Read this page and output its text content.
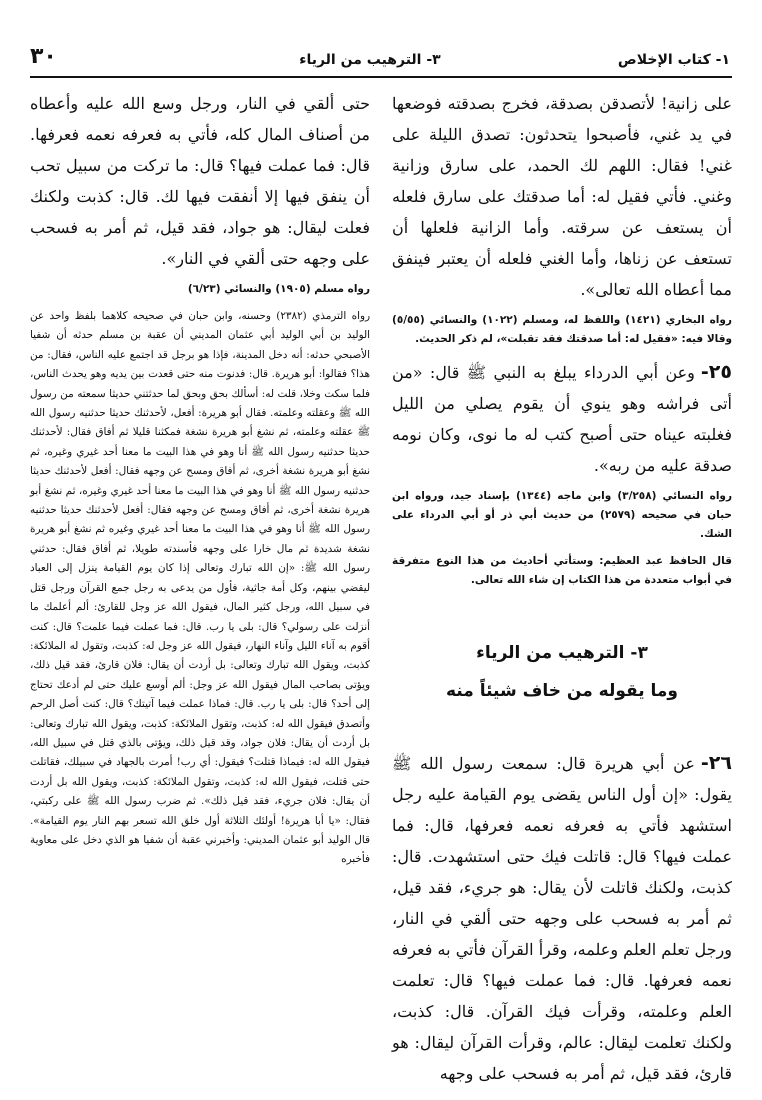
١- كتاب الإخلاص
٣- الترهيب من الرياء
٣٠

على زانية! لأتصدقن بصدقة، فخرج بصدقته فوضعها في يد غني، فأصبحوا يتحدثون: تصدق الليلة على غني! فقال: اللهم لك الحمد، على سارق وزانية وغني. فأتي فقيل له: أما صدقتك على سارق فلعله أن يستعف عن سرقته. وأما الزانية فلعلها أن تستعف عن زناها، وأما الغني فلعله أن يعتبر فينفق مما أعطاه الله تعالى».

رواه البخاري (١٤٢١) واللفظ له، ومسلم (١٠٢٢) والنسائي (٥/٥٥) وقالا فيه: «فقيل له: أما صدقتك فقد تقبلت»، لم ذكر الحديث.

٢٥-وعن أبي الدرداء يبلغ به النبي ﷺ قال: «من أتى فراشه وهو ينوي أن يقوم يصلي من الليل فغلبته عيناه حتى أصبح كتب له ما نوى، وكان نومه صدقة عليه من ربه».

رواه النسائي (٣/٢٥٨) وابن ماجه (١٣٤٤) بإسناد جيد، ورواه ابن حبان في صحيحه (٢٥٧٩) من حديث أبي ذر أو أبي الدرداء على الشك.

قال الحافظ عبد العظيم: وستأتي أحاديث من هذا النوع متفرقة في أبواب متعددة من هذا الكتاب إن شاء الله تعالى.

٣- الترهيب من الرياء
وما يقوله من خاف شيئاً منه

٢٦-عن أبي هريرة قال: سمعت رسول الله ﷺ يقول: «إن أول الناس يقضى يوم القيامة عليه رجل استشهد فأتي به فعرفه نعمه فعرفها، قال: فما عملت فيها؟ قال: قاتلت فيك حتى استشهدت. قال: كذبت، ولكنك قاتلت لأن يقال: هو جريء، فقد قيل، ثم أمر به فسحب على وجهه حتى ألقي في النار، ورجل تعلم العلم وعلمه، وقرأ القرآن فأتي به فعرفه نعمه فعرفها. قال: فما عملت فيها؟ قال: تعلمت العلم وعلمته، وقرأت فيك القرآن. قال: كذبت، ولكنك تعلمت ليقال: عالم، وقرأت القرآن ليقال: هو قارئ، فقد قيل، ثم أمر به فسحب على وجهه

حتى ألقي في النار، ورجل وسع الله عليه وأعطاه من أصناف المال كله، فأتي به فعرفه نعمه فعرفها. قال: فما عملت فيها؟ قال: ما تركت من سبيل تحب أن ينفق فيها إلا أنفقت فيها لك. قال: كذبت ولكنك فعلت ليقال: هو جواد، فقد قيل، ثم أمر به فسحب على وجهه حتى ألقي في النار».

رواه مسلم (١٩٠٥) والنسائي (٦/٢٣)

رواه الترمذي (٢٣٨٢) وحسنه، وابن حبان في صحيحه كلاهما بلفظ واحد عن الوليد بن أبي الوليد أبي عثمان المديني أن عقبة بن مسلم حدثه أن شفيا الأصبحي حدثه: أنه دخل المدينة، فإذا هو برجل قد اجتمع عليه الناس، فقال: من هذا؟ فقالوا: أبو هريرة. قال: فدنوت منه حتى قعدت بين يديه وهو يحدث الناس، فلما سكت وخلا، قلت له: أسألك بحق وبحق لما حدثتني حديثا سمعته من رسول الله ﷺ وعقلته وعلمته. فقال أبو هريرة: أفعل، لأحدثنك حديثا حدثنيه رسول الله ﷺ عقلته وعلمته، ثم نشغ أبو هريرة نشغة فمكثنا قليلا ثم أفاق فقال: لأحدثنك حديثا حدثنيه رسول الله ﷺ أنا وهو في هذا البيت ما معنا أحد غيري وغيره، ثم نشغ أبو هريرة نشغة أخرى، ثم أفاق ومسح عن وجهه فقال: أفعل لأحدثنك حديثا حدثنيه رسول الله ﷺ أنا وهو في هذا البيت ما معنا أحد غيري وغيره، ثم نشغ أبو هريرة نشغة أخرى، ثم أفاق ومسح عن وجهه فقال: أفعل لأحدثنك حديثا حدثنيه رسول الله ﷺ أنا وهو في هذا البيت ما معنا أحد غيري وغيره ثم نشغ أبو هريرة نشغة شديدة ثم مال خارا على وجهه فأسندته طويلا، ثم أفاق فقال: حدثني رسول الله ﷺ: «إن الله تبارك وتعالى إذا كان يوم القيامة ينزل إلى العباد ليقضي بينهم، وكل أمة جاثية، فأول من يدعى به رجل جمع القرآن ورجل قتل في سبيل الله، ورجل كثير المال، فيقول الله عز وجل للقارئ: ألم أعلمك ما أنزلت على رسولي؟ قال: بلى يا رب. قال: فما عملت فيما علمت؟ قال: كنت أقوم به آناء الليل وآناء النهار، فيقول الله عز وجل له: كذبت، وتقول له الملائكة: كذبت، ويقول الله تبارك وتعالى: بل أردت أن يقال: فلان قارئ، فقد قيل ذلك، ويؤتى بصاحب المال فيقول الله عز وجل: ألم أوسع عليك حتى لم أدعك تحتاج إلى أحد؟ قال: بلى يا رب. قال: فماذا عملت فيما آتيتك؟ قال: كنت أصل الرحم وأتصدق فيقول الله له: كذبت، وتقول الملائكة: كذبت، ويقول الله تبارك وتعالى: بل أردت أن يقال: فلان جواد، وقد قيل ذلك، ويؤتى بالذي قتل في سبيل الله، فيقول الله له: فيماذا قتلت؟ فيقول: أي رب! أمرت بالجهاد في سبيلك، فقاتلت حتى قتلت، فيقول الله له: كذبت، وتقول الملائكة: كذبت، ويقول الله بل أردت أن يقال: فلان جريء، فقد قيل ذلك». ثم ضرب رسول الله ﷺ على ركبتي، فقال: «يا أبا هريرة! أولئك الثلاثة أول خلق الله تسعر بهم النار يوم القيامة». قال الوليد أبو عثمان المديني: وأخبرني عقبة أن شفيا هو الذي دخل على معاوية فأخبره
